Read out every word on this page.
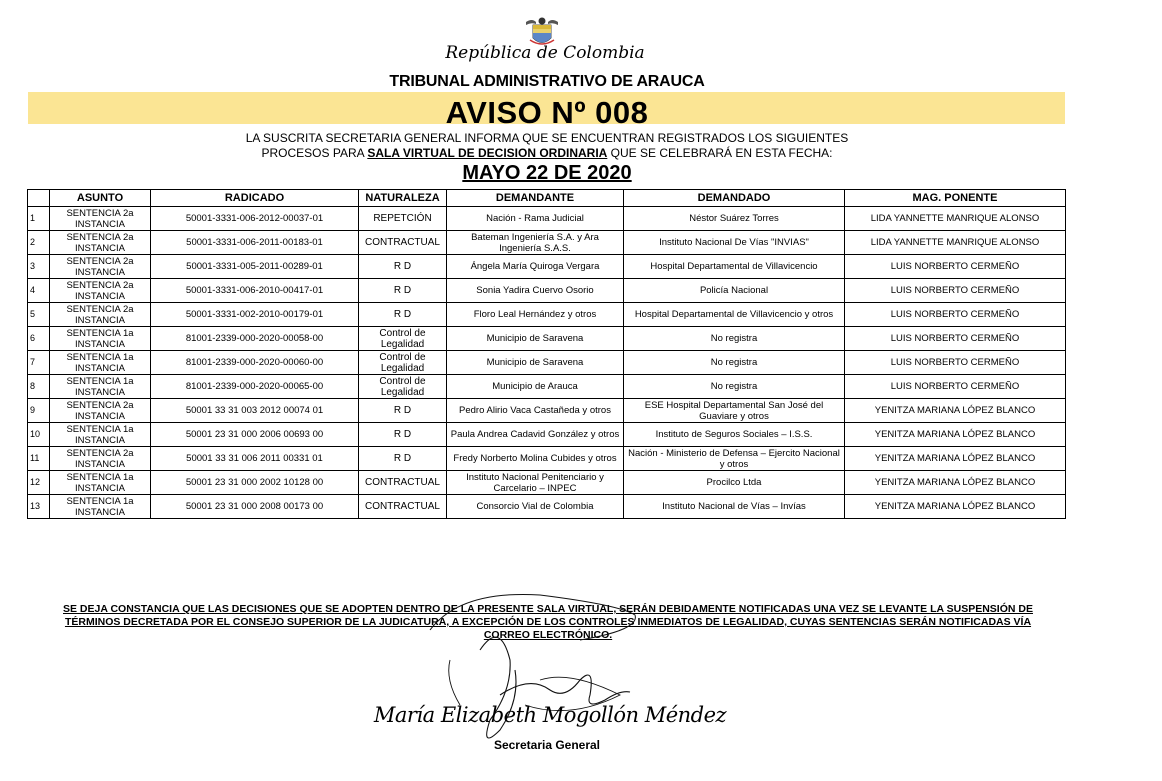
República de Colombia
TRIBUNAL ADMINISTRATIVO DE ARAUCA
AVISO Nº 008
LA SUSCRITA SECRETARIA GENERAL INFORMA QUE SE ENCUENTRAN REGISTRADOS LOS SIGUIENTES
PROCESOS PARA SALA VIRTUAL DE DECISION ORDINARIA QUE SE CELEBRARÁ EN ESTA FECHA:
MAYO 22 DE 2020
	ASUNTO	RADICADO	NATURALEZA	DEMANDANTE	DEMANDADO	MAG. PONENTE
1	SENTENCIA 2a INSTANCIA	50001-3331-006-2012-00037-01	REPETCIÓN	Nación - Rama Judicial	Néstor Suárez Torres	LIDA YANNETTE MANRIQUE ALONSO
2	SENTENCIA 2a INSTANCIA	50001-3331-006-2011-00183-01	CONTRACTUAL	Bateman Ingeniería S.A. y Ara Ingeniería S.A.S.	Instituto Nacional De Vías "INVIAS"	LIDA YANNETTE MANRIQUE ALONSO
3	SENTENCIA 2a INSTANCIA	50001-3331-005-2011-00289-01	R D	Ángela María Quiroga Vergara	Hospital Departamental de Villavicencio	LUIS NORBERTO CERMEÑO
4	SENTENCIA 2a INSTANCIA	50001-3331-006-2010-00417-01	R D	Sonia Yadira Cuervo Osorio	Policía Nacional	LUIS NORBERTO CERMEÑO
5	SENTENCIA 2a INSTANCIA	50001-3331-002-2010-00179-01	R D	Floro Leal Hernández y otros	Hospital Departamental de Villavicencio y otros	LUIS NORBERTO CERMEÑO
6	SENTENCIA 1a INSTANCIA	81001-2339-000-2020-00058-00	Control de Legalidad	Municipio de Saravena	No registra	LUIS NORBERTO CERMEÑO
7	SENTENCIA 1a INSTANCIA	81001-2339-000-2020-00060-00	Control de Legalidad	Municipio de Saravena	No registra	LUIS NORBERTO CERMEÑO
8	SENTENCIA 1a INSTANCIA	81001-2339-000-2020-00065-00	Control de Legalidad	Municipio de Arauca	No registra	LUIS NORBERTO CERMEÑO
9	SENTENCIA 2a INSTANCIA	50001 33 31 003 2012 00074 01	R D	Pedro Alirio Vaca Castañeda y otros	ESE Hospital Departamental San José del Guaviare y otros	YENITZA MARIANA LÓPEZ BLANCO
10	SENTENCIA 1a INSTANCIA	50001 23 31 000 2006 00693 00	R D	Paula Andrea Cadavid González y otros	Instituto de Seguros Sociales – I.S.S.	YENITZA MARIANA LÓPEZ BLANCO
11	SENTENCIA 2a INSTANCIA	50001 33 31 006 2011 00331 01	R D	Fredy Norberto Molina Cubides y otros	Nación - Ministerio de Defensa – Ejercito Nacional y otros	YENITZA MARIANA LÓPEZ BLANCO
12	SENTENCIA 1a INSTANCIA	50001 23 31 000 2002 10128 00	CONTRACTUAL	Instituto Nacional Penitenciario y Carcelario – INPEC	Procilco Ltda	YENITZA MARIANA LÓPEZ BLANCO
13	SENTENCIA 1a INSTANCIA	50001 23 31 000 2008 00173 00	CONTRACTUAL	Consorcio Vial de Colombia	Instituto Nacional de Vías – Invías	YENITZA MARIANA LÓPEZ BLANCO
SE DEJA CONSTANCIA QUE LAS DECISIONES QUE SE ADOPTEN DENTRO DE LA PRESENTE SALA VIRTUAL, SERÁN DEBIDAMENTE NOTIFICADAS UNA VEZ SE LEVANTE LA SUSPENSIÓN DE TÉRMINOS DECRETADA POR EL CONSEJO SUPERIOR DE LA JUDICATURA, A EXCEPCIÓN DE LOS CONTROLES INMEDIATOS DE LEGALIDAD, CUYAS SENTENCIAS SERÁN NOTIFICADAS VÍA CORREO ELECTRÓNICO.
María Elizabeth Mogollón Méndez
Secretaria General
